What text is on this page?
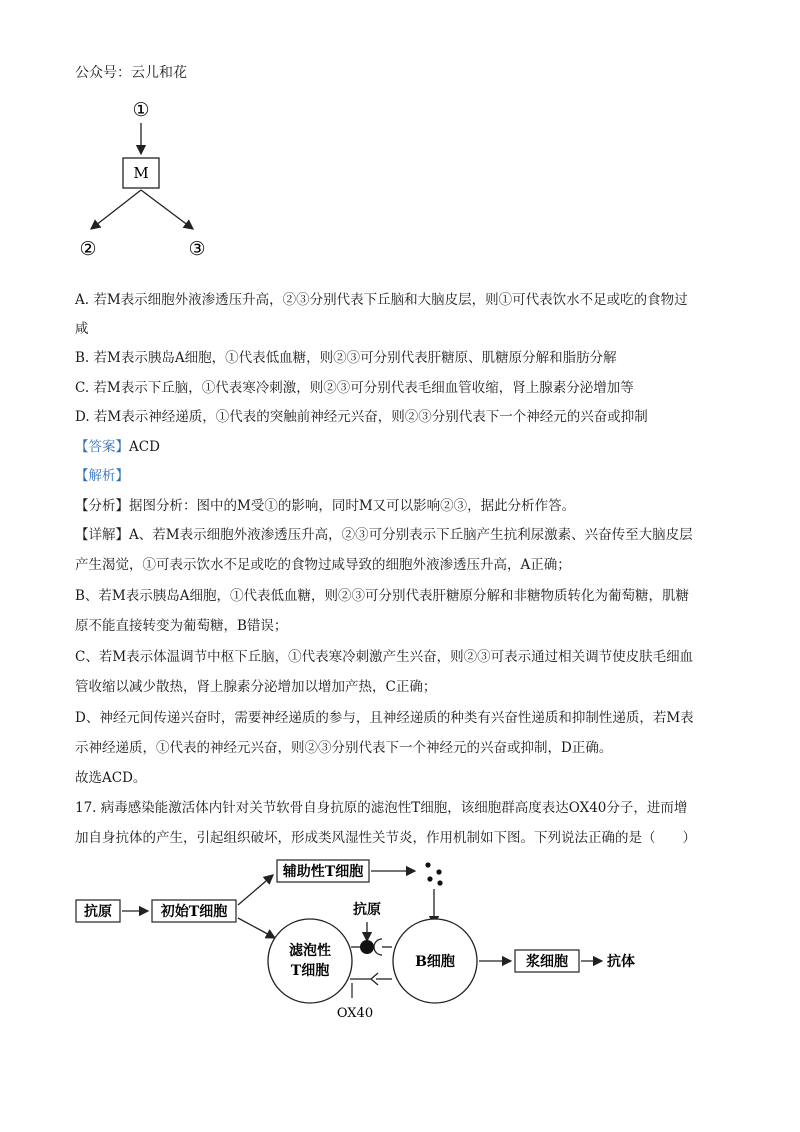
公众号：云儿和花
①
M
②	③
A. 若M表示细胞外液渗透压升高，②③分别代表下丘脑和大脑皮层，则①可代表饮水不足或吃的食物过
咸
B. 若M表示胰岛A细胞，①代表低血糖，则②③可分别代表肝糖原、肌糖原分解和脂肪分解
C. 若M表示下丘脑，①代表寒冷刺激，则②③可分别代表毛细血管收缩，肾上腺素分泌增加等
D. 若M表示神经递质，①代表的突触前神经元兴奋，则②③分别代表下一个神经元的兴奋或抑制
【答案】ACD
【解析】
【分析】据图分析：图中的M受①的影响，同时M又可以影响②③，据此分析作答。
【详解】A、若M表示细胞外液渗透压升高，②③可分别表示下丘脑产生抗利尿激素、兴奋传至大脑皮层
产生渴觉，①可表示饮水不足或吃的食物过咸导致的细胞外液渗透压升高，A正确；
B、若M表示胰岛A细胞，①代表低血糖，则②③可分别代表肝糖原分解和非糖物质转化为葡萄糖，肌糖
原不能直接转变为葡萄糖，B错误；
C、若M表示体温调节中枢下丘脑，①代表寒冷刺激产生兴奋，则②③可表示通过相关调节使皮肤毛细血
管收缩以减少散热，肾上腺素分泌增加以增加产热，C正确；
D、神经元间传递兴奋时，需要神经递质的参与，且神经递质的种类有兴奋性递质和抑制性递质，若M表
示神经递质，①代表的神经元兴奋，则②③分别代表下一个神经元的兴奋或抑制，D正确。
故选ACD。
17. 病毒感染能激活体内针对关节软骨自身抗原的滤泡性T细胞，该细胞群高度表达OX40分子，进而增
加自身抗体的产生，引起组织破坏，形成类风湿性关节炎，作用机制如下图。下列说法正确的是（　　）
抗原	初始T细胞
辅助性T细胞
滤泡性
T细胞
抗原
OX40
B细胞	浆细胞	抗体
